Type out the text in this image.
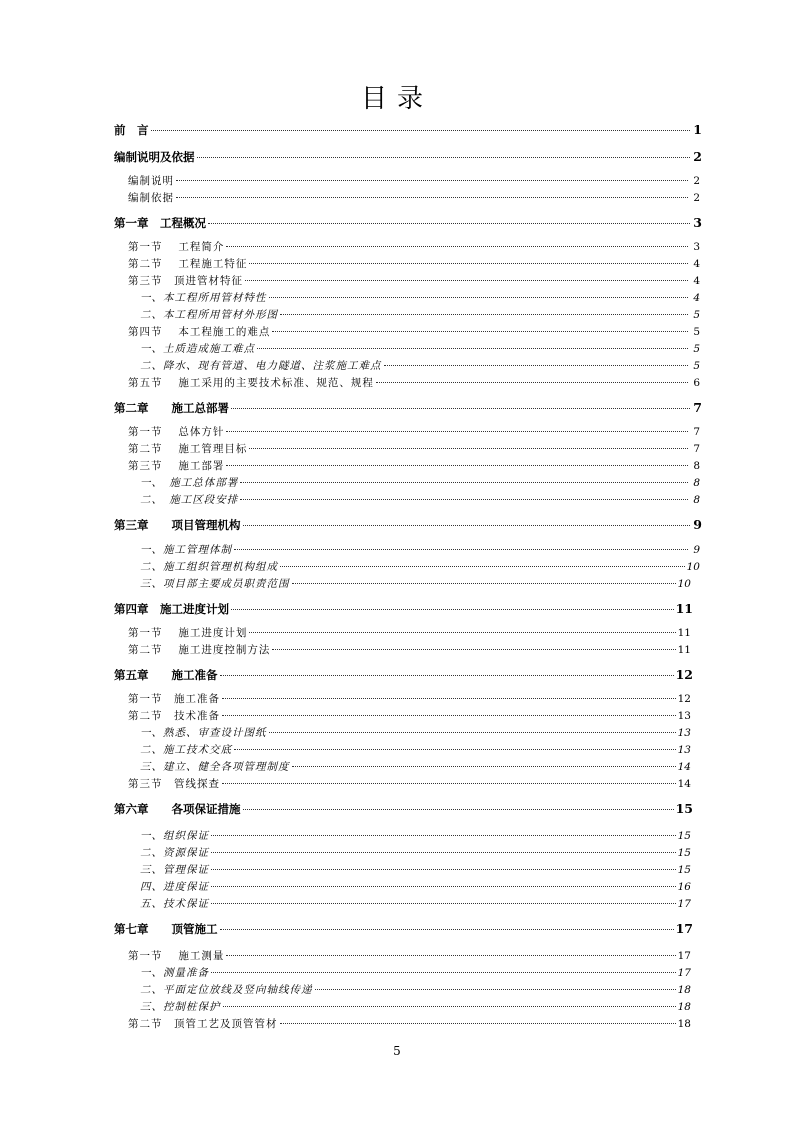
目录
前　言	1
编制说明及依据	2
编制说明	2
编制依据	2
第一章　工程概况	3
第一节　 工程简介	3
第二节　 工程施工特征	4
第三节　顶进管材特征	4
一、本工程所用管材特性	4
二、本工程所用管材外形图	5
第四节　 本工程施工的难点	5
一、土质造成施工难点	5
二、降水、现有管道、电力隧道、注浆施工难点	5
第五节　 施工采用的主要技术标准、规范、规程	6
第二章　　施工总部署	7
第一节　 总体方针	7
第二节　 施工管理目标	7
第三节　 施工部署	8
一、　施工总体部署	8
二、　施工区段安排	8
第三章　　项目管理机构	9
一、施工管理体制	9
二、施工组织管理机构组成	10
三、项目部主要成员职责范围	10
第四章　施工进度计划	11
第一节　 施工进度计划	11
第二节　 施工进度控制方法	11
第五章　　施工准备	12
第一节　施工准备	12
第二节　技术准备	13
一、熟悉、审查设计图纸	13
二、施工技术交底	13
三、建立、健全各项管理制度	14
第三节　管线探查	14
第六章　　各项保证措施	15
一、组织保证	15
二、资源保证	15
三、管理保证	15
四、进度保证	16
五、技术保证	17
第七章　　顶管施工	17
第一节　 施工测量	17
一、测量准备	17
二、平面定位放线及竖向轴线传递	18
三、控制桩保护	18
第二节　顶管工艺及顶管管材	18
5
